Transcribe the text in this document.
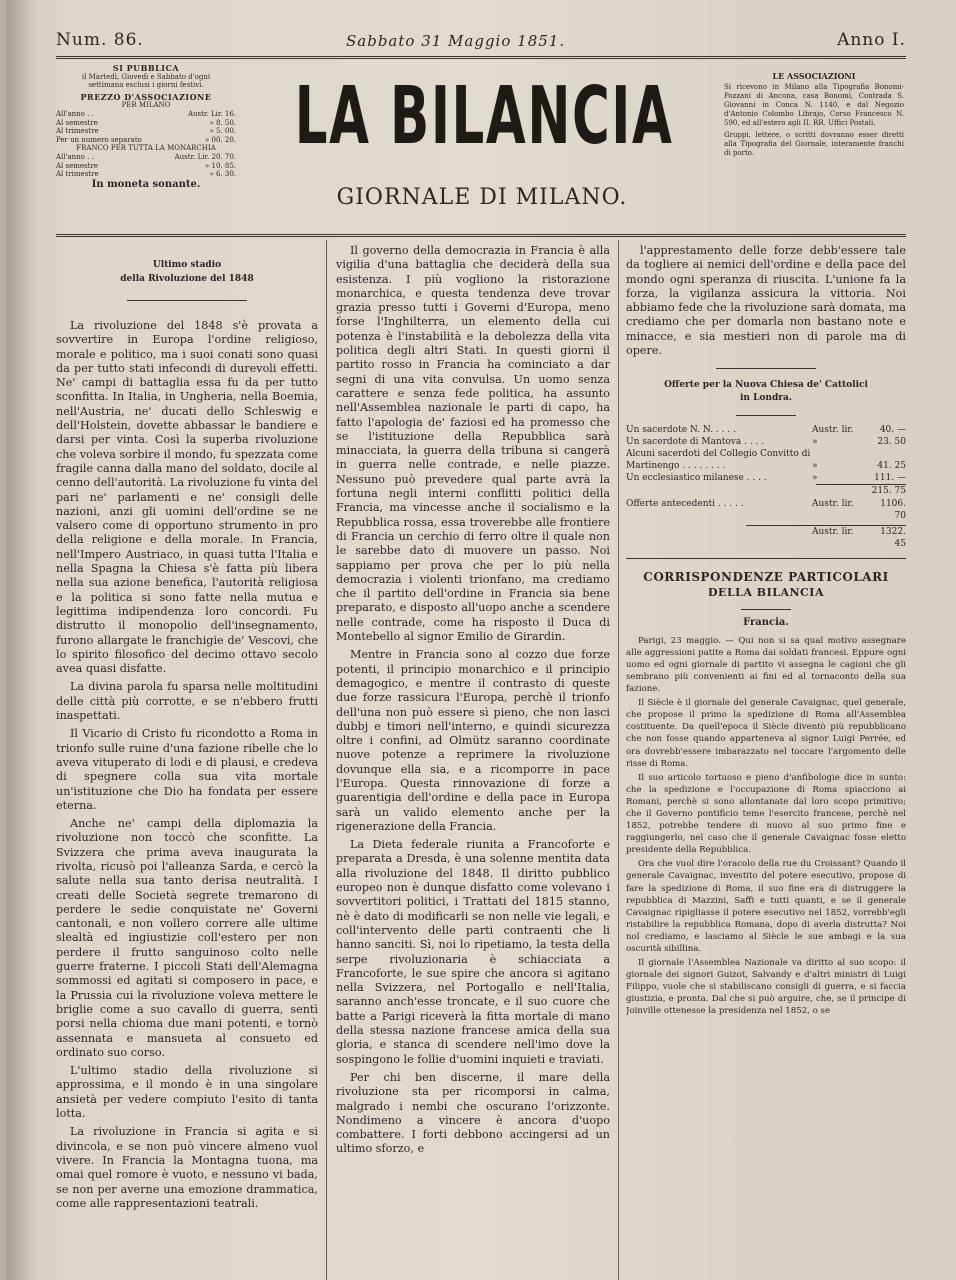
Num. 86.	Sabbato 31 Maggio 1851.	Anno I.
SI PUBBLICA
il Martedì, Giovedì e Sabbato d'ogni
settimana esclusi i giorni festivi.
PREZZO D'ASSOCIAZIONE
PER MILANO
All'anno . .	Austr. Lir. 16.
Al semestre	» 8. 50.
Al trimestre	» 5. 00.
Per un numero separato	» 00. 20.
FRANCO PER TUTTA LA MONARCHIA
All'anno . .	Austr. Lir. 20. 70.
Al semestre	» 10. 85.
Al trimestre	» 6. 30.
In moneta sonante.
LA BILANCIA
GIORNALE DI MILANO.
LE ASSOCIAZIONI
Si ricevono in Milano alla Tipografia Bonomi-Pozzani di Ancona, casa Bonomi, Contrada S. Giovanni in Conca N. 1140, e dal Negozio d'Antonio Colombo Librajo, Corso Francesco N. 590, ed all'estero agli II. RR. Uffici Postali.
Gruppi, lettere, o scritti dovranno esser diretti alla Tipografia del Giornale, interamente franchi di porto.
Ultimo stadio
della Rivoluzione del 1848

La rivoluzione del 1848 s'è provata a sovvertire in Europa l'ordine religioso, morale e politico, ma i suoi conati sono quasi da per tutto stati infecondi di durevoli effetti. Ne' campi di battaglia essa fu da per tutto sconfitta. In Italia, in Ungheria, nella Boemia, nell'Austria, ne' ducati dello Schleswig e dell'Holstein, dovette abbassar le bandiere e darsi per vinta. Così la superba rivoluzione che voleva sorbire il mondo, fu spezzata come fragile canna dalla mano del soldato, docile al cenno dell'autorità. La rivoluzione fu vinta del pari ne' parlamenti e ne' consigli delle nazioni, anzi gli uomini dell'ordine se ne valsero come di opportuno strumento in pro della religione e della morale. In Francia, nell'Impero Austriaco, in quasi tutta l'Italia e nella Spagna la Chiesa s'è fatta più libera nella sua azione benefica, l'autorità religiosa e la politica si sono fatte nella mutua e legittima indipendenza loro concordi. Fu distrutto il monopolio dell'insegnamento, furono allargate le franchigie de' Vescovi, che lo spirito filosofico del decimo ottavo secolo avea quasi disfatte.

La divina parola fu sparsa nelle moltitudini delle città più corrotte, e se n'ebbero frutti inaspettati.

Il Vicario di Cristo fu ricondotto a Roma in trionfo sulle ruine d'una fazione ribelle che lo aveva vituperato di lodi e di plausi, e credeva di spegnere colla sua vita mortale un'istituzione che Dio ha fondata per essere eterna.

Anche ne' campi della diplomazia la rivoluzione non toccò che sconfitte. La Svizzera che prima aveva inaugurata la rivolta, ricusò poi l'alleanza Sarda, e cercò la salute nella sua tanto derisa neutralità. I creati delle Società segrete tremarono di perdere le sedie conquistate ne' Governi cantonali, e non vollero correre alle ultime slealtà ed ingiustizie coll'estero per non perdere il frutto sanguinoso colto nelle guerre fraterne. I piccoli Stati dell'Alemagna sommossi ed agitati si composero in pace, e la Prussia cui la rivoluzione voleva mettere le briglie come a suo cavallo di guerra, sentì porsi nella chioma due mani potenti, e tornò assennata e mansueta al consueto ed ordinato suo corso.

L'ultimo stadio della rivoluzione si approssima, e il mondo è in una singolare ansietà per vedere compiuto l'esito di tanta lotta.

La rivoluzione in Francia si agita e si divincola, e se non può vincere almeno vuol vivere. In Francia la Montagna tuona, ma omai quel romore è vuoto, e nessuno vi bada, se non per averne una emozione drammatica, come alle rappresentazioni teatrali.

Il governo della democrazia in Francia è alla vigilia d'una battaglia che deciderà della sua esistenza. I più vogliono la ristorazione monarchica, e questa tendenza deve trovar grazia presso tutti i Governi d'Europa, meno forse l'Inghilterra, un elemento della cui potenza è l'instabilità e la debolezza della vita politica degli altri Stati. In questi giorni il partito rosso in Francia ha cominciato a dar segni di una vita convulsa. Un uomo senza carattere e senza fede politica, ha assunto nell'Assemblea nazionale le parti di capo, ha fatto l'apologia de' faziosi ed ha promesso che se l'istituzione della Repubblica sarà minacciata, la guerra della tribuna si cangerà in guerra nelle contrade, e nelle piazze. Nessuno può prevedere qual parte avrà la fortuna negli interni conflitti politici della Francia, ma vincesse anche il socialismo e la Repubblica rossa, essa troverebbe alle frontiere di Francia un cerchio di ferro oltre il quale non le sarebbe dato di muovere un passo. Noi sappiamo per prova che per lo più nella democrazia i violenti trionfano, ma crediamo che il partito dell'ordine in Francia sia bene preparato, e disposto all'uopo anche a scendere nelle contrade, come ha risposto il Duca di Montebello al signor Emilio de Girardin.

Mentre in Francia sono al cozzo due forze potenti, il principio monarchico e il principio demagogico, e mentre il contrasto di queste due forze rassicura l'Europa, perchè il trionfo dell'una non può essere sì pieno, che non lasci dubbj e timori nell'interno, e quindi sicurezza oltre i confini, ad Olmütz saranno coordinate nuove potenze a reprimere la rivoluzione dovunque ella sia, e a ricomporre in pace l'Europa. Questa rinnovazione di forze a guarentigia dell'ordine e della pace in Europa sarà un valido elemento anche per la rigenerazione della Francia.

La Dieta federale riunita a Francoforte e preparata a Dresda, è una solenne mentita data alla rivoluzione del 1848. Il diritto pubblico europeo non è dunque disfatto come volevano i sovvertitori politici, i Trattati del 1815 stanno, nè è dato di modificarli se non nelle vie legali, e coll'intervento delle parti contraenti che li hanno sanciti. Sì, noi lo ripetiamo, la testa della serpe rivoluzionaria è schiacciata a Francoforte, le sue spire che ancora si agitano nella Svizzera, nel Portogallo e nell'Italia, saranno anch'esse troncate, e il suo cuore che batte a Parigi riceverà la fitta mortale di mano della stessa nazione francese amica della sua gloria, e stanca di scendere nell'imo dove la sospingono le follie d'uomini inquieti e traviati.

Per chi ben discerne, il mare della rivoluzione sta per ricomporsi in calma, malgrado i nembi che oscurano l'orizzonte. Nondimeno a vincere è ancora d'uopo combattere. I forti debbono accingersi ad un ultimo sforzo, e

l'apprestamento delle forze debb'essere tale da togliere ai nemici dell'ordine e della pace del mondo ogni speranza di riuscita. L'unione fa la forza, la vigilanza assicura la vittoria. Noi abbiamo fede che la rivoluzione sarà domata, ma crediamo che per domarla non bastano note e minacce, e sia mestieri non di parole ma di opere.

Offerte per la Nuova Chiesa de' Cattolici
in Londra.
Un sacerdote N. N. . . . .	Austr. lir.	40. —
Un sacerdote di Mantova . . . .	»	23. 50
Alcuni sacerdoti del Collegio Convitto di
Martinengo . . . . . . . .	»	41. 25
Un ecclesiastico milanese . . . .	»	111. —
215. 75
Offerte antecedenti . . . . .	Austr. lir.	1106. 70
Austr. lir.	1322. 45
CORRISPONDENZE PARTICOLARI
DELLA BILANCIA
Francia.

Parigi, 23 maggio. — Qui non si sa qual motivo assegnare alle aggressioni patite a Roma dai soldati francesi. Eppure ogni uomo ed ogni giornale di partito vi assegna le cagioni che gli sembrano più convenienti ai fini ed al tornaconto della sua fazione.

Il Siècle è il giornale del generale Cavaignac, quel generale, che propose il primo la spedizione di Roma all'Assemblea costituente. Da quell'epoca il Siècle diventò più repubblicano che non fosse quando apparteneva al signor Luigi Perrée, ed ora dovrebb'essere imbarazzato nel toccare l'argomento delle risse di Roma.

Il suo articolo tortuoso e pieno d'anfibologie dice in sunto: che la spedizione e l'occupazione di Roma spiacciono ai Romani, perchè si sono allontanate dal loro scopo primitivo; che il Governo pontificio teme l'esercito francese, perchè nel 1852, potrebbe tendere di nuovo al suo primo fine e raggiungerlo, nel caso che il generale Cavaignac fosse eletto presidente della Repubblica.

Ora che vuol dire l'oracolo della rue du Croissant? Quando il generale Cavaignac, investito del potere esecutivo, propose di fare la spedizione di Roma, il suo fine era di distruggere la repubblica di Mazzini, Saffi e tutti quanti, e se il generale Cavaignac ripigliasse il potere esecutivo nel 1852, vorrebb'egli ristabilire la repubblica Romana, dopo di averla distrutta? Noi nol crediamo, e lasciamo al Siècle le sue ambagi e la sua oscurità sibillina.

Il giornale l'Assemblea Nazionale va diritto al suo scopo: il giornale dei signori Guizot, Salvandy e d'altri ministri di Luigi Filippo, vuole che si stabiliscano consigli di guerra, e si faccia giustizia, e pronta. Dal che si può arguire, che, se il principe di Joinville ottenesse la presidenza nel 1852, o se
